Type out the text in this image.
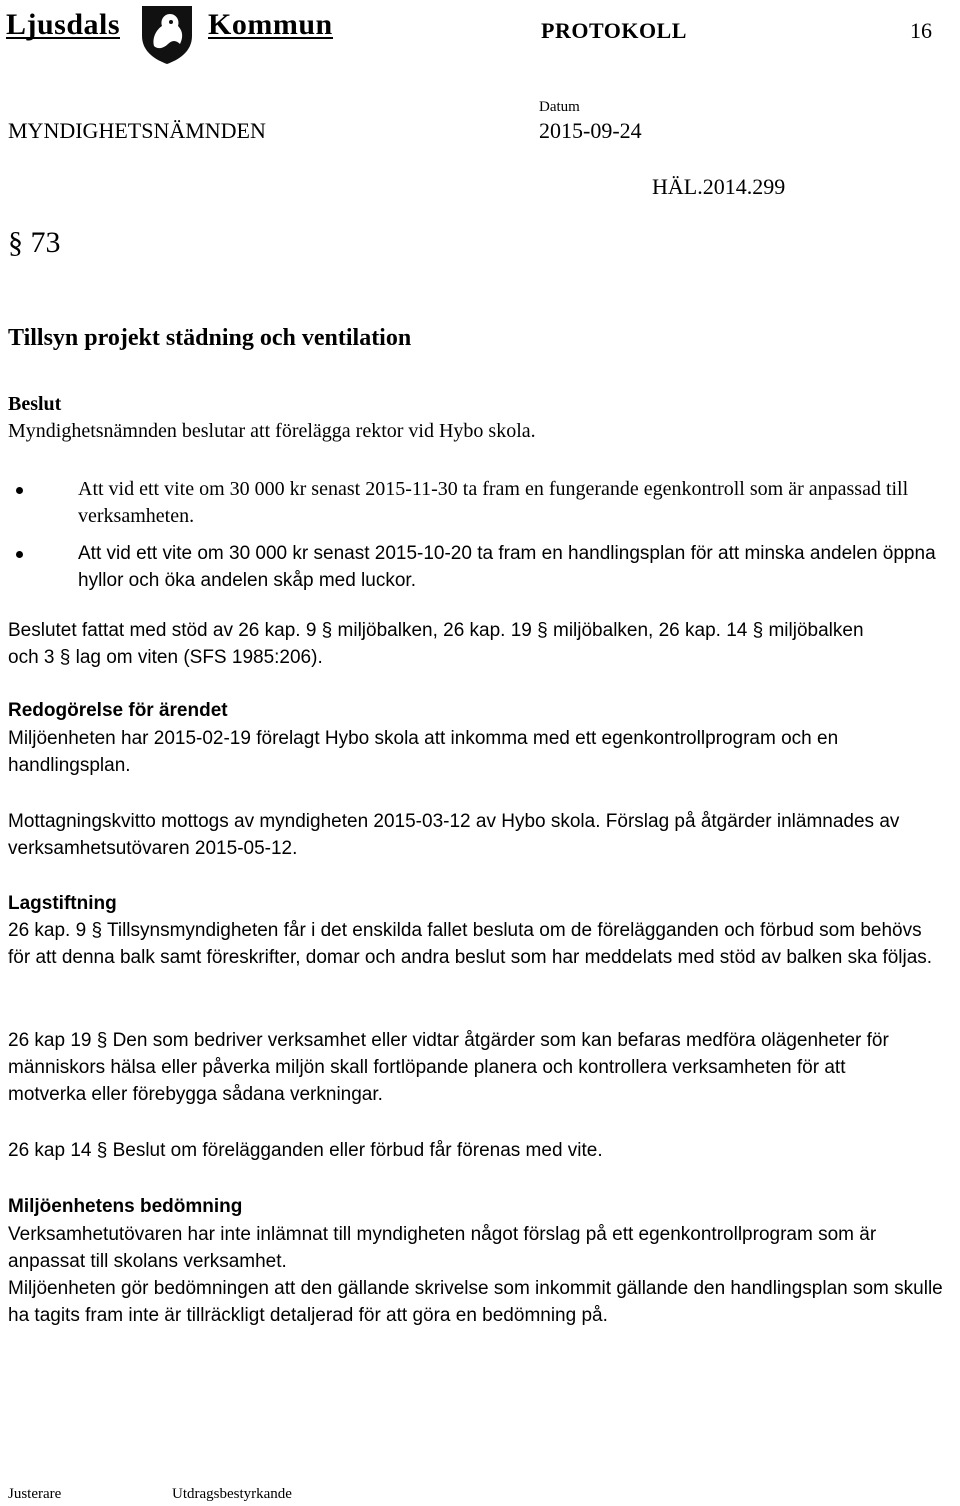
Ljusdals	Kommun	PROTOKOLL	16
Datum
MYNDIGHETSNÄMNDEN	2015-09-24
HÄL.2014.299
§ 73
Tillsyn projekt städning och ventilation
Beslut
Myndighetsnämnden beslutar att förelägga rektor vid Hybo skola.
Att vid ett vite om 30 000 kr senast 2015-11-30 ta fram en fungerande egenkontroll som är anpassad till verksamheten.
Att vid ett vite om 30 000 kr senast 2015-10-20 ta fram en handlingsplan för att minska andelen öppna hyllor och öka andelen skåp med luckor.
Beslutet fattat med stöd av 26 kap. 9 § miljöbalken, 26 kap. 19 § miljöbalken, 26 kap. 14 § miljöbalken och 3 § lag om viten (SFS 1985:206).
Redogörelse för ärendet
Miljöenheten har 2015-02-19 förelagt Hybo skola att inkomma med ett egenkontrollprogram och en handlingsplan.
Mottagningskvitto mottogs av myndigheten 2015-03-12 av Hybo skola. Förslag på åtgärder inlämnades av verksamhetsutövaren 2015-05-12.
Lagstiftning
26 kap. 9 § Tillsynsmyndigheten får i det enskilda fallet besluta om de förelägganden och förbud som behövs för att denna balk samt föreskrifter, domar och andra beslut som har meddelats med stöd av balken ska följas.
26 kap 19 § Den som bedriver verksamhet eller vidtar åtgärder som kan befaras medföra olägenheter för människors hälsa eller påverka miljön skall fortlöpande planera och kontrollera verksamheten för att motverka eller förebygga sådana verkningar.
26 kap 14 § Beslut om förelägganden eller förbud får förenas med vite.
Miljöenhetens bedömning
Verksamhetutövaren har inte inlämnat till myndigheten något förslag på ett egenkontrollprogram som är anpassat till skolans verksamhet.
Miljöenheten gör bedömningen att den gällande skrivelse som inkommit gällande den handlingsplan som skulle ha tagits fram inte är tillräckligt detaljerad för att göra en bedömning på.
Justerare	Utdragsbestyrkande
